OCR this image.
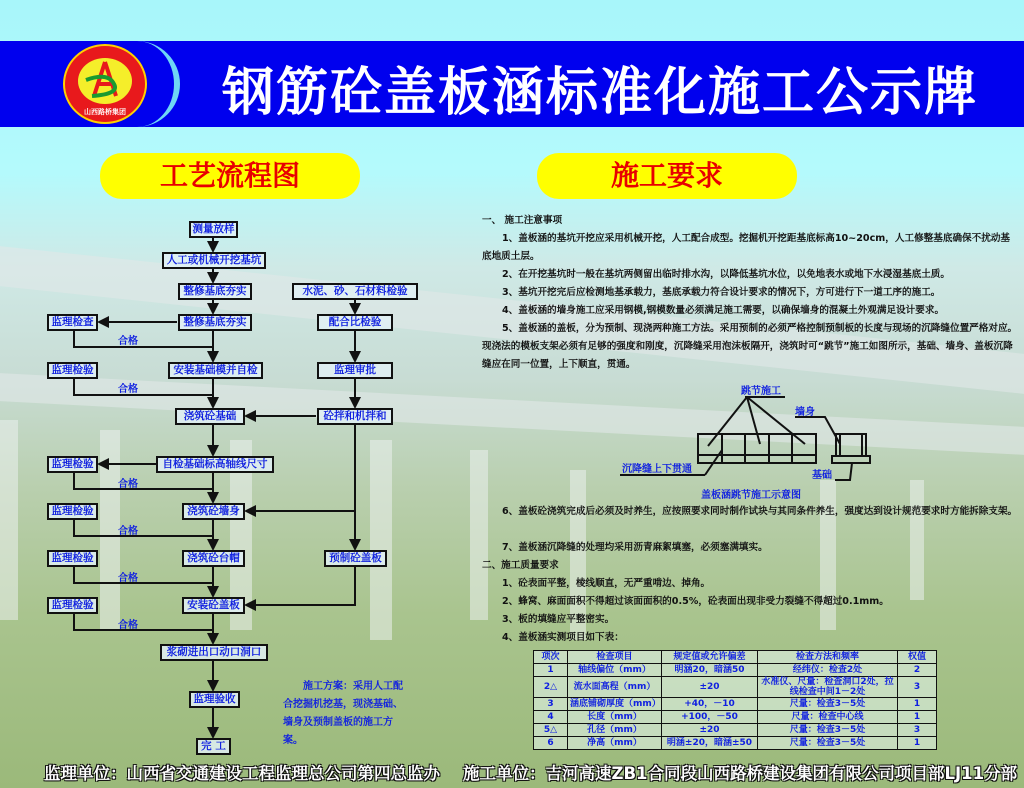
山西路桥集团	钢筋砼盖板涵标准化施工公示牌
工艺流程图	施工要求
测量放样
人工或机械开挖基坑
整修基底夯实
整修基底夯实
安装基础模并自检
浇筑砼基础
自检基础标高轴线尺寸
浇筑砼墙身
浇筑砼台帽
安装砼盖板
浆砌进出口动口洞口
监理验收
完 工
水泥、砂、石材料检验
配合比检验
监理审批
砼拌和机拌和
预制砼盖板
监理检查
监理检验
监理检验
监理检验
监理检验
监理检验
合格
合格
合格
合格
合格
合格
施工方案：采用人工配合挖掘机挖基，现浇基础、墙身及预制盖板的施工方案。

一、 施工注意事项

1、盖板涵的基坑开挖应采用机械开挖，人工配合成型。挖掘机开挖距基底标高10~20cm，人工修整基底确保不扰动基底地质土层。

2、在开挖基坑时一般在基坑两侧留出临时排水沟，以降低基坑水位，以免地表水或地下水浸湿基底土质。

3、基坑开挖完后应检测地基承载力，基底承载力符合设计要求的情况下，方可进行下一道工序的施工。

4、盖板涵的墙身施工应采用钢模,钢模数量必须满足施工需要，以确保墙身的混凝土外观满足设计要求。

5、盖板涵的盖板，分为预制、现浇两种施工方法。采用预制的必须严格控制预制板的长度与现场的沉降缝位置严格对应。现浇法的模板支架必须有足够的强度和刚度，沉降缝采用泡沫板隔开，浇筑时可“跳节”施工如图所示，基础、墙身、盖板沉降缝应在同一位置，上下顺直，贯通。

6、盖板砼浇筑完成后必须及时养生，应按照要求同时制作试块与其同条件养生，强度达到设计规范要求时方能拆除支架。

7、盖板涵沉降缝的处理均采用沥青麻絮填塞，必须塞满填实。

二、施工质量要求

1、砼表面平整，棱线顺直，无严重啃边、掉角。

2、蜂窝、麻面面积不得超过该面面积的0.5%，砼表面出现非受力裂缝不得超过0.1mm。

3、板的填缝应平整密实。

4、盖板涵实测项目如下表：

跳节施工
墙身
沉降缝上下贯通
基础
盖板涵跳节施工示意图
项次	检查项目	规定值或允许偏差	检查方法和频率	权值
1	轴线偏位（mm）	明涵20，暗涵50	经纬仪：检查2处	2
2△	流水面高程（mm）	±20	水准仪、尺量：检查洞口2处，拉线检查中间1－2处	3
3	涵底铺砌厚度（mm）	+40，－10	尺量：检查3－5处	1
4	长度（mm）	+100，－50	尺量：检查中心线	1
5△	孔径（mm）	±20	尺量：检查3－5处	3
6	净高（mm）	明涵±20，暗涵±50	尺量：检查3－5处	1
监理单位：山西省交通建设工程监理总公司第四总监办 施工单位：吉河高速ZB1合同段山西路桥建设集团有限公司项目部LJ11分部
